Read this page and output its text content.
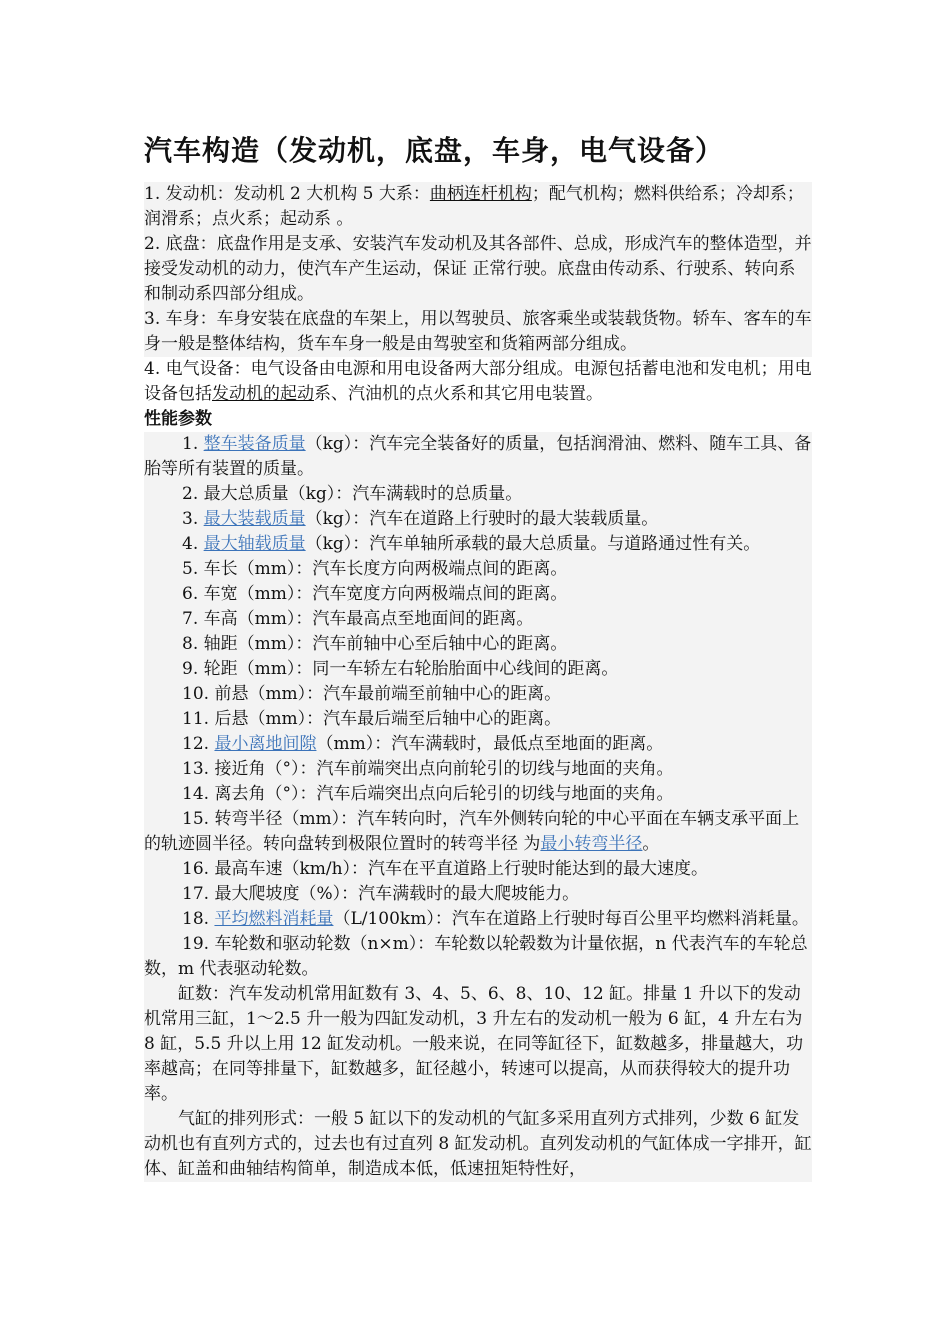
汽车构造（发动机，底盘，车身，电气设备）

1. 发动机：发动机 2 大机构 5 大系：曲柄连杆机构；配气机构；燃料供给系；冷却系；润滑系；点火系；起动系 。

2. 底盘：底盘作用是支承、安装汽车发动机及其各部件、总成，形成汽车的整体造型，并接受发动机的动力，使汽车产生运动，保证 正常行驶。底盘由传动系、行驶系、转向系和制动系四部分组成。

3. 车身：车身安装在底盘的车架上，用以驾驶员、旅客乘坐或装载货物。轿车、客车的车身一般是整体结构，货车车身一般是由驾驶室和货箱两部分组成。

4. 电气设备：电气设备由电源和用电设备两大部分组成。电源包括蓄电池和发电机；用电设备包括发动机的起动系、汽油机的点火系和其它用电装置。

性能参数

1. 整车装备质量（kg）：汽车完全装备好的质量，包括润滑油、燃料、随车工具、备胎等所有装置的质量。

2. 最大总质量（kg）：汽车满载时的总质量。

3. 最大装载质量（kg）：汽车在道路上行驶时的最大装载质量。

4. 最大轴载质量（kg）：汽车单轴所承载的最大总质量。与道路通过性有关。

5. 车长（mm）：汽车长度方向两极端点间的距离。

6. 车宽（mm）：汽车宽度方向两极端点间的距离。

7. 车高（mm）：汽车最高点至地面间的距离。

8. 轴距（mm）：汽车前轴中心至后轴中心的距离。

9. 轮距（mm）：同一车轿左右轮胎胎面中心线间的距离。

10. 前悬（mm）：汽车最前端至前轴中心的距离。

11. 后悬（mm）：汽车最后端至后轴中心的距离。

12. 最小离地间隙（mm）：汽车满载时，最低点至地面的距离。

13. 接近角（°）：汽车前端突出点向前轮引的切线与地面的夹角。

14. 离去角（°）：汽车后端突出点向后轮引的切线与地面的夹角。

15. 转弯半径（mm）：汽车转向时，汽车外侧转向轮的中心平面在车辆支承平面上的轨迹圆半径。转向盘转到极限位置时的转弯半径 为最小转弯半径。

16. 最高车速（km/h）：汽车在平直道路上行驶时能达到的最大速度。

17. 最大爬坡度（%）：汽车满载时的最大爬坡能力。

18. 平均燃料消耗量（L/100km）：汽车在道路上行驶时每百公里平均燃料消耗量。

19. 车轮数和驱动轮数（n×m）：车轮数以轮毂数为计量依据，n 代表汽车的车轮总数，m 代表驱动轮数。

缸数：汽车发动机常用缸数有 3、4、5、6、8、10、12 缸。排量 1 升以下的发动机常用三缸，1～2.5 升一般为四缸发动机，3 升左右的发动机一般为 6 缸，4 升左右为 8 缸，5.5 升以上用 12 缸发动机。一般来说，在同等缸径下，缸数越多，排量越大，功率越高；在同等排量下，缸数越多，缸径越小，转速可以提高，从而获得较大的提升功率。

气缸的排列形式：一般 5 缸以下的发动机的气缸多采用直列方式排列，少数 6 缸发动机也有直列方式的，过去也有过直列 8 缸发动机。直列发动机的气缸体成一字排开，缸体、缸盖和曲轴结构简单，制造成本低，低速扭矩特性好，
